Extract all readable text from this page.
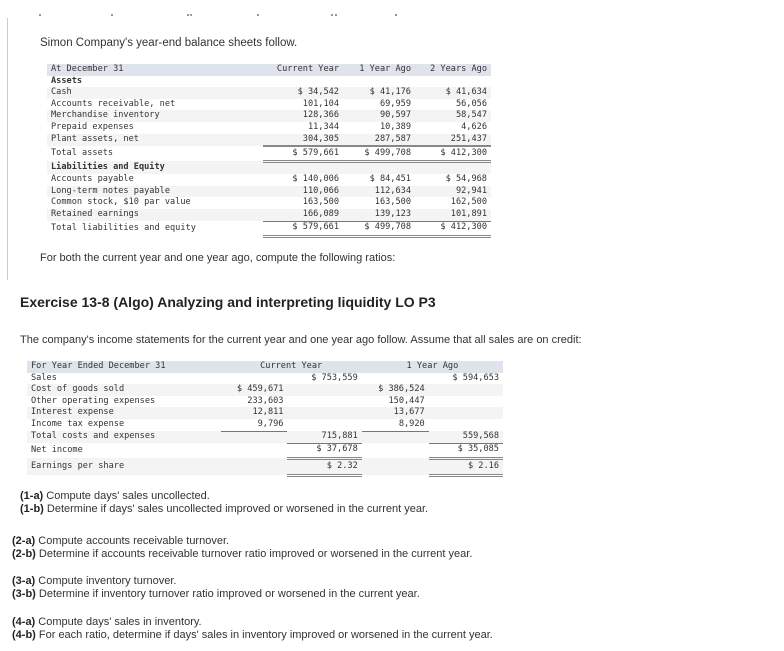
Simon Company's year-end balance sheets follow.
At December 31	Current Year	1 Year Ago	2 Years Ago
Assets			
Cash	$ 34,542	$ 41,176	$ 41,634
Accounts receivable, net	101,104	69,959	56,056
Merchandise inventory	128,366	90,597	58,547
Prepaid expenses	11,344	10,389	4,626
Plant assets, net	304,305	287,587	251,437
Total assets	$ 579,661	$ 499,708	$ 412,300
Liabilities and Equity			
Accounts payable	$ 140,006	$ 84,451	$ 54,968
Long-term notes payable	110,066	112,634	92,941
Common stock, $10 par value	163,500	163,500	162,500
Retained earnings	166,089	139,123	101,891
Total liabilities and equity	$ 579,661	$ 499,708	$ 412,300
For both the current year and one year ago, compute the following ratios:
Exercise 13-8 (Algo) Analyzing and interpreting liquidity LO P3
The company's income statements for the current year and one year ago follow. Assume that all sales are on credit:
For Year Ended December 31	Current Year		1 Year Ago	
Sales		$ 753,559		$ 594,653
Cost of goods sold	$ 459,671		$ 386,524	
Other operating expenses	233,603		150,447	
Interest expense	12,811		13,677	
Income tax expense	9,796		8,920	
Total costs and expenses		715,881		559,568
Net income		$ 37,678		$ 35,085
Earnings per share		$ 2.32		$ 2.16
(1-a) Compute days' sales uncollected.
(1-b) Determine if days' sales uncollected improved or worsened in the current year.
(2-a) Compute accounts receivable turnover.
(2-b) Determine if accounts receivable turnover ratio improved or worsened in the current year.
(3-a) Compute inventory turnover.
(3-b) Determine if inventory turnover ratio improved or worsened in the current year.
(4-a) Compute days' sales in inventory.
(4-b) For each ratio, determine if days' sales in inventory improved or worsened in the current year.
